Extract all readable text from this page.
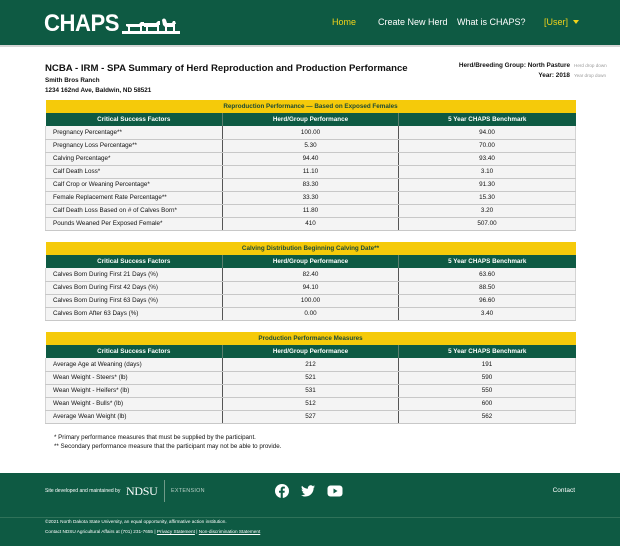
CHAPS	Home Create New Herd What is CHAPS? [User]
NCBA - IRM - SPA Summary of Herd Reproduction and Production Performance
Smith Bros Ranch
1234 162nd Ave, Baldwin, ND 58521
Herd/Breeding Group: North Pasture Herd drop down
Year: 2018 Year drop down
Reproduction Performance — Based on Exposed Females		
Critical Success Factors	Herd/Group Performance	5 Year CHAPS Benchmark
Pregnancy Percentage**	100.00	94.00
Pregnancy Loss Percentage**	5.30	70.00
Calving Percentage*	94.40	93.40
Calf Death Loss*	11.10	3.10
Calf Crop or Weaning Percentage*	83.30	91.30
Female Replacement Rate Percentage**	33.30	15.30
Calf Death Loss Based on # of Calves Born*	11.80	3.20
Pounds Weaned Per Exposed Female*	410	507.00
Calving Distribution Beginning Calving Date**		
Critical Success Factors	Herd/Group Performance	5 Year CHAPS Benchmark
Calves Born During First 21 Days (%)	82.40	63.60
Calves Born During First 42 Days (%)	94.10	88.50
Calves Born During First 63 Days (%)	100.00	96.60
Calves Born After 63 Days (%)	0.00	3.40
Production Performance Measures		
Critical Success Factors	Herd/Group Performance	5 Year CHAPS Benchmark
Average Age at Weaning (days)	212	191
Wean Weight - Steers* (lb)	521	590
Wean Weight - Heifers* (lb)	531	550
Wean Weight - Bulls* (lb)	512	600
Average Wean Weight (lb)	527	562
* Primary performance measures that must be supplied by the participant.
** Secondary performance measure that the participant may not be able to provide.
Site developed and maintained by NDSU	EXTENSION	Contact
©2021 North Dakota State University, an equal opportunity, affirmative action institution.
Contact NDSU Agricultural Affairs at (701) 231-7655 | Privacy Statement | Non-discrimination Statement
